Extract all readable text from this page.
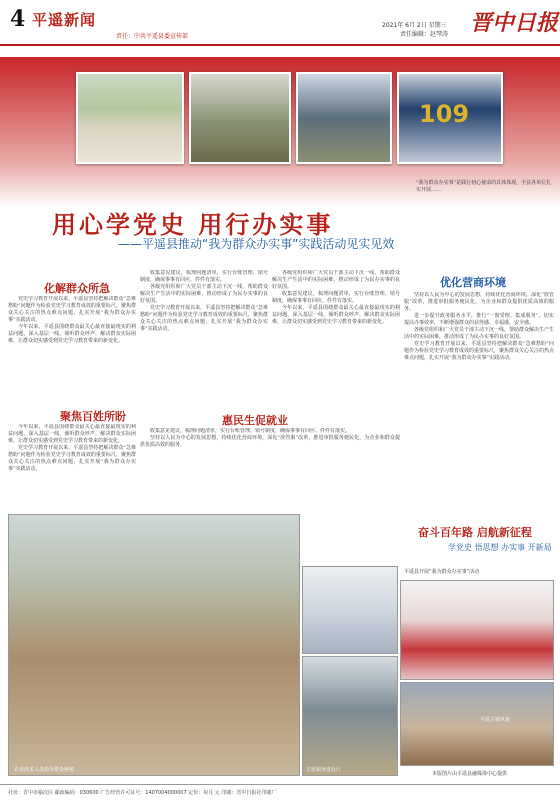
4 平遥新闻
责任：中共平遥县委宣传部
2021年 6月 2日 星期三
责任编辑：赵琴涛 晋中日报
109
用心学党史 用行办实事
——平遥县推动“我为群众办实事”实践活动见实见效
“我为群众办实事”是践行初心使命的具体体现，全县各单位扎实开展……
化解群众所急

党史学习教育开展以来，平遥县坚持把解决群众“急难愁盼”问题作为检验党史学习教育成效的重要标尺，聚焦群众关心关注的热点难点问题，扎实开展“我为群众办实事”实践活动。

今年以来，平遥县围绕群众最关心最直接最现实的利益问题，深入基层一线，倾听群众呼声，解决群众实际困难，让群众切实感受到党史学习教育带来的新变化。

聚焦百姓所盼

今年以来，平遥县围绕群众最关心最直接最现实的利益问题，深入基层一线，倾听群众呼声，解决群众实际困难，让群众切实感受到党史学习教育带来的新变化。

党史学习教育开展以来，平遥县坚持把解决群众“急难愁盼”问题作为检验党史学习教育成效的重要标尺，聚焦群众关心关注的热点难点问题，扎实开展“我为群众办实事”实践活动。

收集意见建议，梳理问题清单，实行台账管理、销号制度，确保事事有回应、件件有落实。

各级党组织和广大党员干部主动下沉一线，帮助群众解决生产生活中的实际困难，推动形成了为民办实事的良好氛围。

党史学习教育开展以来，平遥县坚持把解决群众“急难愁盼”问题作为检验党史学习教育成效的重要标尺，聚焦群众关心关注的热点难点问题，扎实开展“我为群众办实事”实践活动。

各级党组织和广大党员干部主动下沉一线，帮助群众解决生产生活中的实际困难，推动形成了为民办实事的良好氛围。

收集意见建议，梳理问题清单，实行台账管理、销号制度，确保事事有回应、件件有落实。

今年以来，平遥县围绕群众最关心最直接最现实的利益问题，深入基层一线，倾听群众呼声，解决群众实际困难，让群众切实感受到党史学习教育带来的新变化。

惠民生促就业

收集意见建议，梳理问题清单，实行台账管理、销号制度，确保事事有回应、件件有落实。

坚持以人民为中心的发展思想，持续优化营商环境，深化“放管服”改革，推进审批服务便民化，为企业和群众提供优质高效的服务。

优化营商环境

坚持以人民为中心的发展思想，持续优化营商环境，深化“放管服”改革，推进审批服务便民化，为企业和群众提供优质高效的服务。

进一步提升政务服务水平，推行“一窗受理、集成服务”，切实提高办事效率，不断增强群众的获得感、幸福感、安全感。

各级党组织和广大党员干部主动下沉一线，帮助群众解决生产生活中的实际困难，推动形成了为民办实事的良好氛围。

党史学习教育开展以来，平遥县坚持把解决群众“急难愁盼”问题作为检验党史学习教育成效的重要标尺，聚焦群众关心关注的热点难点问题，扎实开展“我为群众办实事”实践活动。

奋斗百年路 启航新征程
学党史 悟思想 办实事 开新局
农业技术人员指导群众种植
平遥县开展“我为群众办实事”活动
志愿服务进社区
平遥古城风貌
本版图片由平遥县融媒体中心提供
社址：晋中市榆次区 邮政编码：030600 广告经营许可证号：1407004000007 定价：每月 元 印刷：晋中日报社印刷厂
